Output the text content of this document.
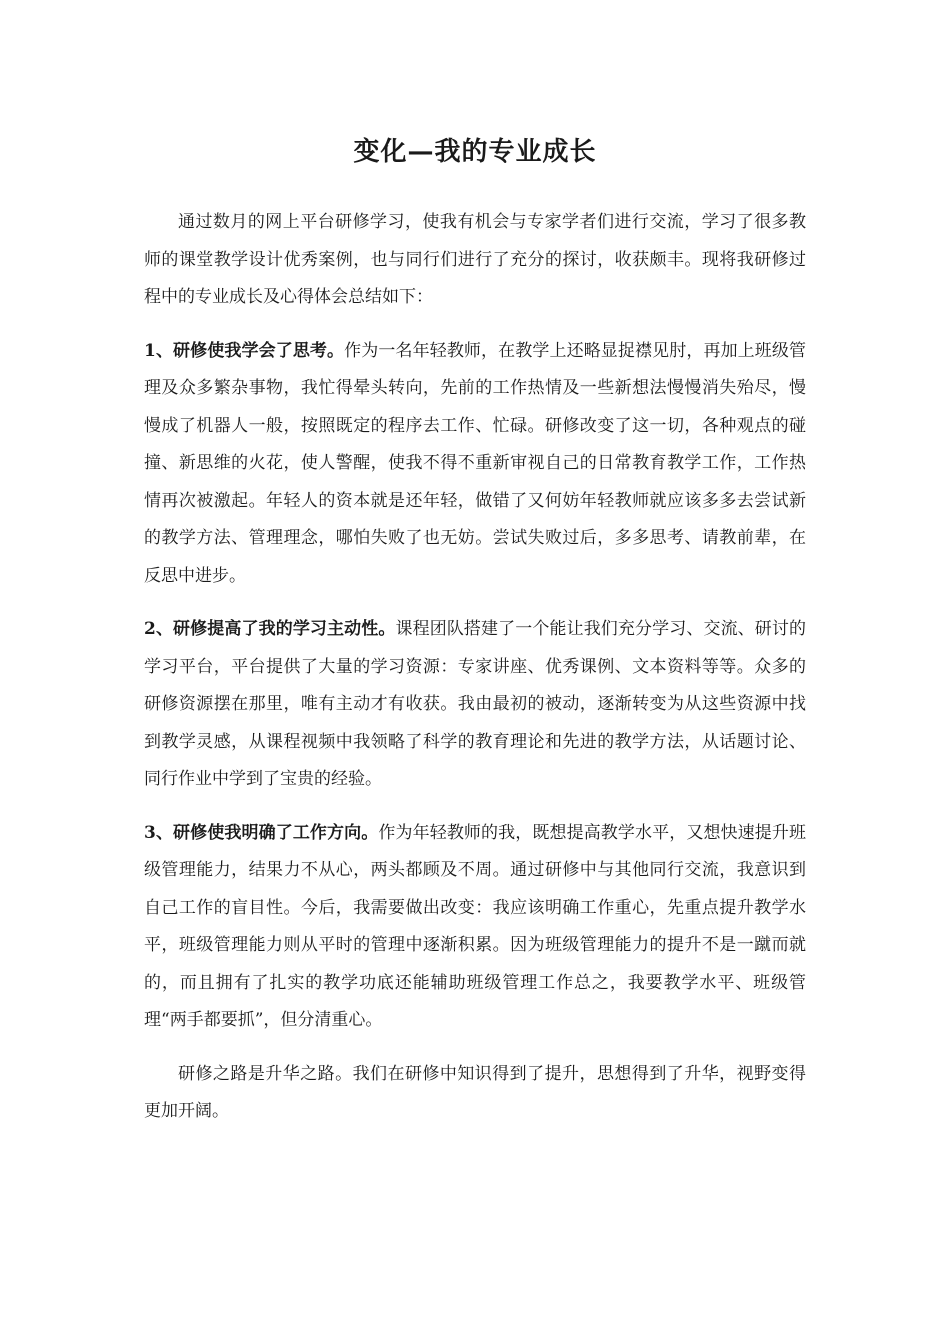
变化—我的专业成长

通过数月的网上平台研修学习，使我有机会与专家学者们进行交流，学习了很多教师的课堂教学设计优秀案例，也与同行们进行了充分的探讨，收获颇丰。现将我研修过程中的专业成长及心得体会总结如下：

1、研修使我学会了思考。作为一名年轻教师，在教学上还略显捉襟见肘，再加上班级管理及众多繁杂事物，我忙得晕头转向，先前的工作热情及一些新想法慢慢消失殆尽，慢慢成了机器人一般，按照既定的程序去工作、忙碌。研修改变了这一切，各种观点的碰撞、新思维的火花，使人警醒，使我不得不重新审视自己的日常教育教学工作，工作热情再次被激起。年轻人的资本就是还年轻，做错了又何妨年轻教师就应该多多去尝试新的教学方法、管理理念，哪怕失败了也无妨。尝试失败过后，多多思考、请教前辈，在反思中进步。

2、研修提高了我的学习主动性。课程团队搭建了一个能让我们充分学习、交流、研讨的学习平台，平台提供了大量的学习资源：专家讲座、优秀课例、文本资料等等。众多的研修资源摆在那里，唯有主动才有收获。我由最初的被动，逐渐转变为从这些资源中找到教学灵感，从课程视频中我领略了科学的教育理论和先进的教学方法，从话题讨论、同行作业中学到了宝贵的经验。

3、研修使我明确了工作方向。作为年轻教师的我，既想提高教学水平，又想快速提升班级管理能力，结果力不从心，两头都顾及不周。通过研修中与其他同行交流，我意识到自己工作的盲目性。今后，我需要做出改变：我应该明确工作重心，先重点提升教学水平，班级管理能力则从平时的管理中逐渐积累。因为班级管理能力的提升不是一蹴而就的，而且拥有了扎实的教学功底还能辅助班级管理工作总之，我要教学水平、班级管理“两手都要抓”，但分清重心。

研修之路是升华之路。我们在研修中知识得到了提升，思想得到了升华，视野变得更加开阔。
